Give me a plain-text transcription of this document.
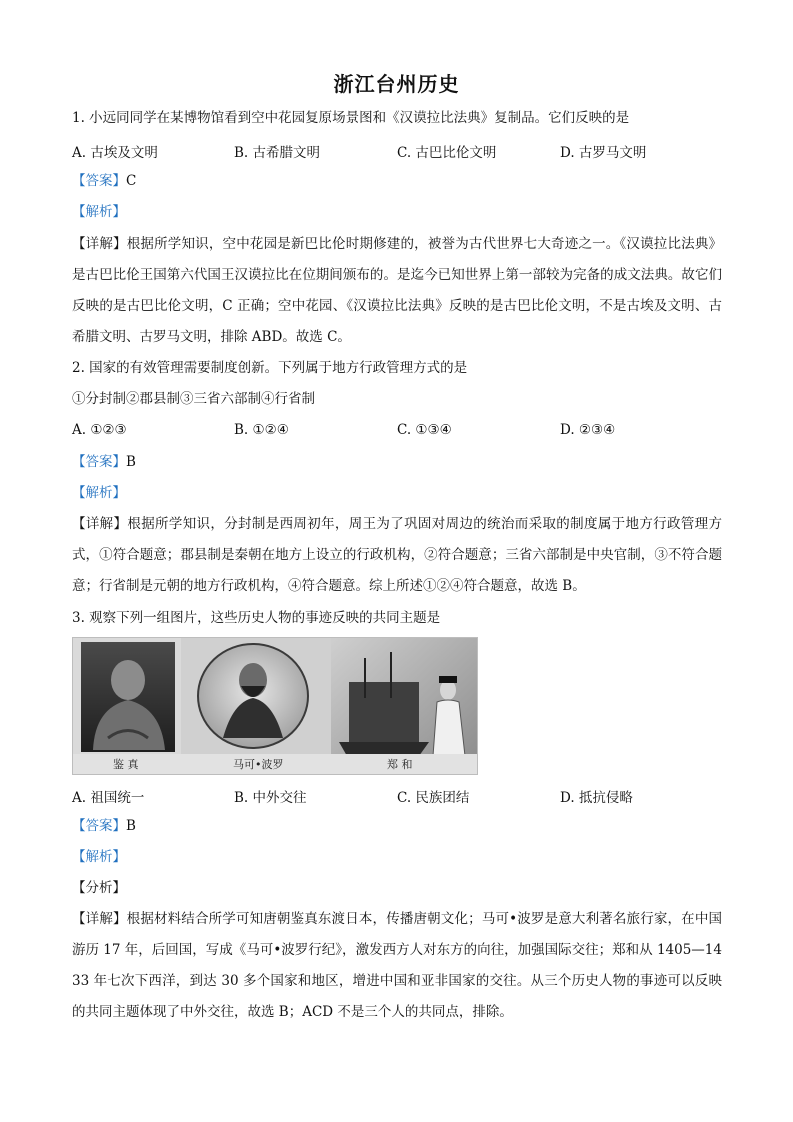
浙江台州历史
1. 小远同同学在某博物馆看到空中花园复原场景图和《汉谟拉比法典》复制品。它们反映的是
A. 古埃及文明	B. 古希腊文明	C. 古巴比伦文明	D. 古罗马文明
【答案】C
【解析】
【详解】根据所学知识，空中花园是新巴比伦时期修建的，被誉为古代世界七大奇迹之一。《汉谟拉比法典》是古巴比伦王国第六代国王汉谟拉比在位期间颁布的。是迄今已知世界上第一部较为完备的成文法典。故它们反映的是古巴比伦文明，C 正确；空中花园、《汉谟拉比法典》反映的是古巴比伦文明，不是古埃及文明、古希腊文明、古罗马文明，排除 ABD。故选 C。
2. 国家的有效管理需要制度创新。下列属于地方行政管理方式的是
①分封制②郡县制③三省六部制④行省制
A. ①②③	B. ①②④	C. ①③④	D. ②③④
【答案】B
【解析】
【详解】根据所学知识，分封制是西周初年，周王为了巩固对周边的统治而采取的制度属于地方行政管理方式，①符合题意；郡县制是秦朝在地方上设立的行政机构，②符合题意；三省六部制是中央官制，③不符合题意；行省制是元朝的地方行政机构，④符合题意。综上所述①②④符合题意，故选 B。
3. 观察下列一组图片，这些历史人物的事迹反映的共同主题是
鉴 真	马可•波罗	郑 和
A. 祖国统一	B. 中外交往	C. 民族团结	D. 抵抗侵略
【答案】B
【解析】
【分析】
【详解】根据材料结合所学可知唐朝鉴真东渡日本，传播唐朝文化；马可•波罗是意大利著名旅行家，在中国游历 17 年，后回国，写成《马可•波罗行纪》，激发西方人对东方的向往，加强国际交往；郑和从 1405—1433 年七次下西洋，到达 30 多个国家和地区，增进中国和亚非国家的交往。从三个历史人物的事迹可以反映的共同主题体现了中外交往，故选 B；ACD 不是三个人的共同点，排除。
